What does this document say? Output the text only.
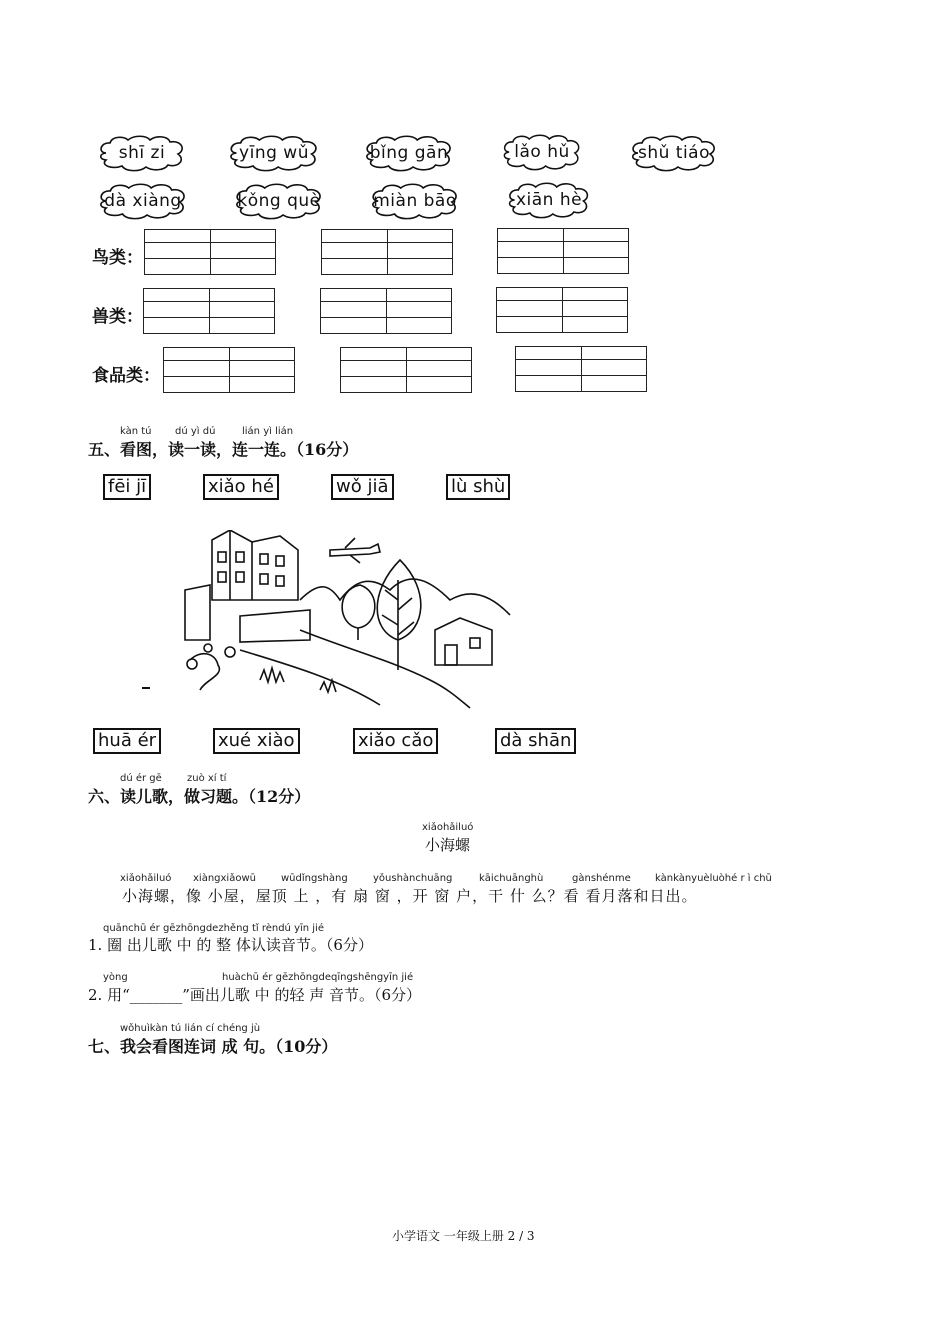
shī zi	yīng wǔ	bǐng gān	lǎo hǔ	shǔ tiáo
dà xiàng	kǒng què	miàn bāo	xiān hè
鸟类：
兽类：
食品类：
kàn tú dú yì dú	lián yì lián
五、看图，读一读，连一连。（16分）
fēi jī	xiǎo hé	wǒ jiā	lù shù
huā ér	xué xiào	xiǎo cǎo	dà shān
dú ér gē	zuò xí tí
六、读儿歌，做习题。（12分）
xiǎohǎiluó
小海螺
xiǎohǎiluó xiàngxiǎowū	wūdǐngshàng	yǒushànchuāng	kāichuānghù	gànshénme kànkànyuèluòhé r ì chū
小海螺，像 小屋，屋顶 上 ，有 扇 窗 ，开 窗 户，干 什 么？看 看月落和日出。
quānchū ér gēzhōngdezhěng tǐ rèndú yīn jié
1. 圈 出儿歌 中 的 整 体认读音节。（6分）
yòng	huàchū ér gēzhōngdeqīngshēngyīn jié
2. 用“_______”画出儿歌 中 的轻 声 音节。（6分）
wǒhuìkàn tú lián cí chéng jù
七、我会看图连词 成 句。（10分）
小学语文 一年级上册 2 / 3
